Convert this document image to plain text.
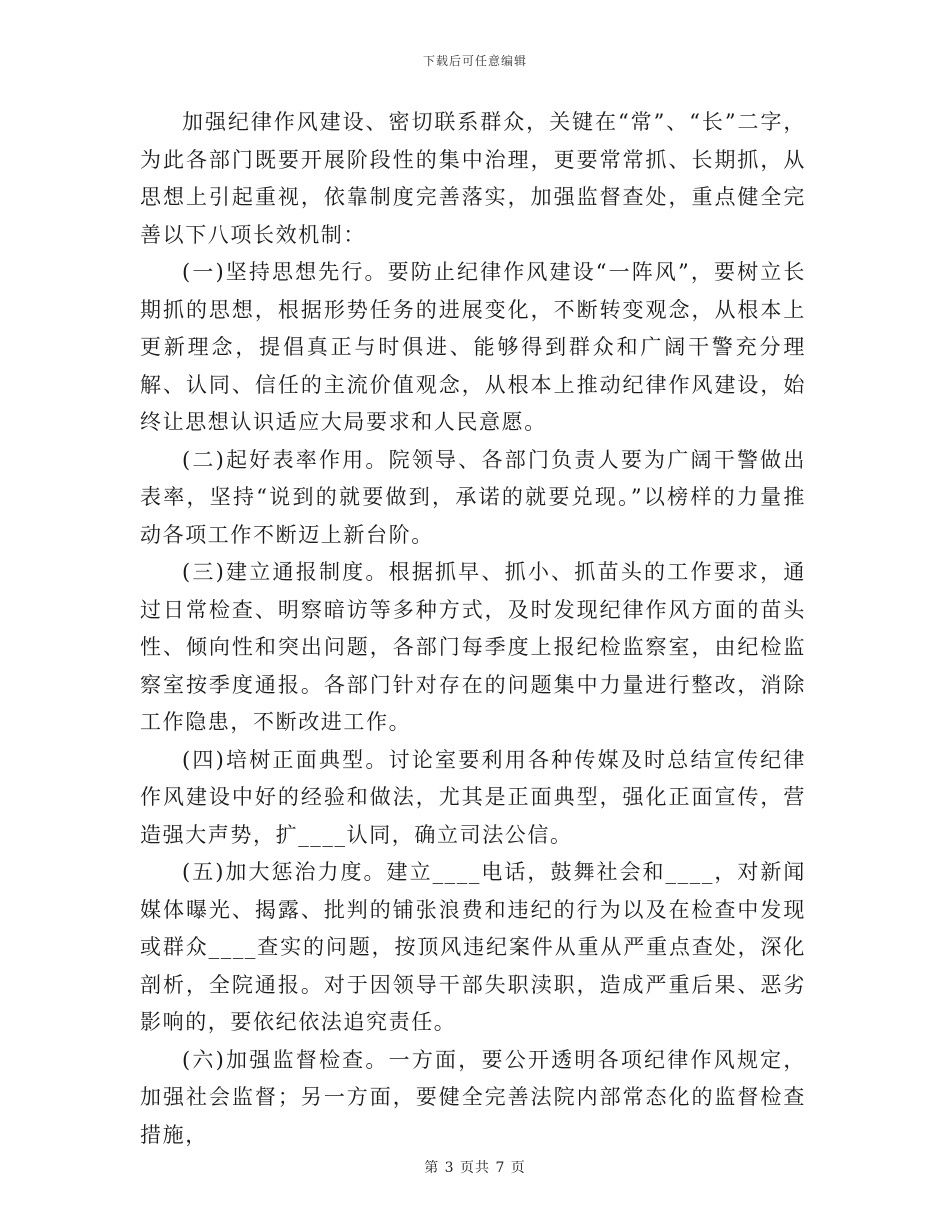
下载后可任意编辑

加强纪律作风建设、密切联系群众，关键在“常”、“长”二字，为此各部门既要开展阶段性的集中治理，更要常常抓、长期抓，从思想上引起重视，依靠制度完善落实，加强监督查处，重点健全完善以下八项长效机制：

(一)坚持思想先行。要防止纪律作风建设“一阵风”，要树立长期抓的思想，根据形势任务的进展变化，不断转变观念，从根本上更新理念，提倡真正与时俱进、能够得到群众和广阔干警充分理解、认同、信任的主流价值观念，从根本上推动纪律作风建设，始终让思想认识适应大局要求和人民意愿。

(二)起好表率作用。院领导、各部门负责人要为广阔干警做出表率，坚持“说到的就要做到，承诺的就要兑现。”以榜样的力量推动各项工作不断迈上新台阶。

(三)建立通报制度。根据抓早、抓小、抓苗头的工作要求，通过日常检查、明察暗访等多种方式，及时发现纪律作风方面的苗头性、倾向性和突出问题，各部门每季度上报纪检监察室，由纪检监察室按季度通报。各部门针对存在的问题集中力量进行整改，消除工作隐患，不断改进工作。

(四)培树正面典型。讨论室要利用各种传媒及时总结宣传纪律作风建设中好的经验和做法，尤其是正面典型，强化正面宣传，营造强大声势，扩____认同，确立司法公信。

(五)加大惩治力度。建立____电话，鼓舞社会和____，对新闻媒体曝光、揭露、批判的铺张浪费和违纪的行为以及在检查中发现或群众____查实的问题，按顶风违纪案件从重从严重点查处，深化剖析，全院通报。对于因领导干部失职渎职，造成严重后果、恶劣影响的，要依纪依法追究责任。

(六)加强监督检查。一方面，要公开透明各项纪律作风规定，加强社会监督；另一方面，要健全完善法院内部常态化的监督检查措施，

第 3 页共 7 页
